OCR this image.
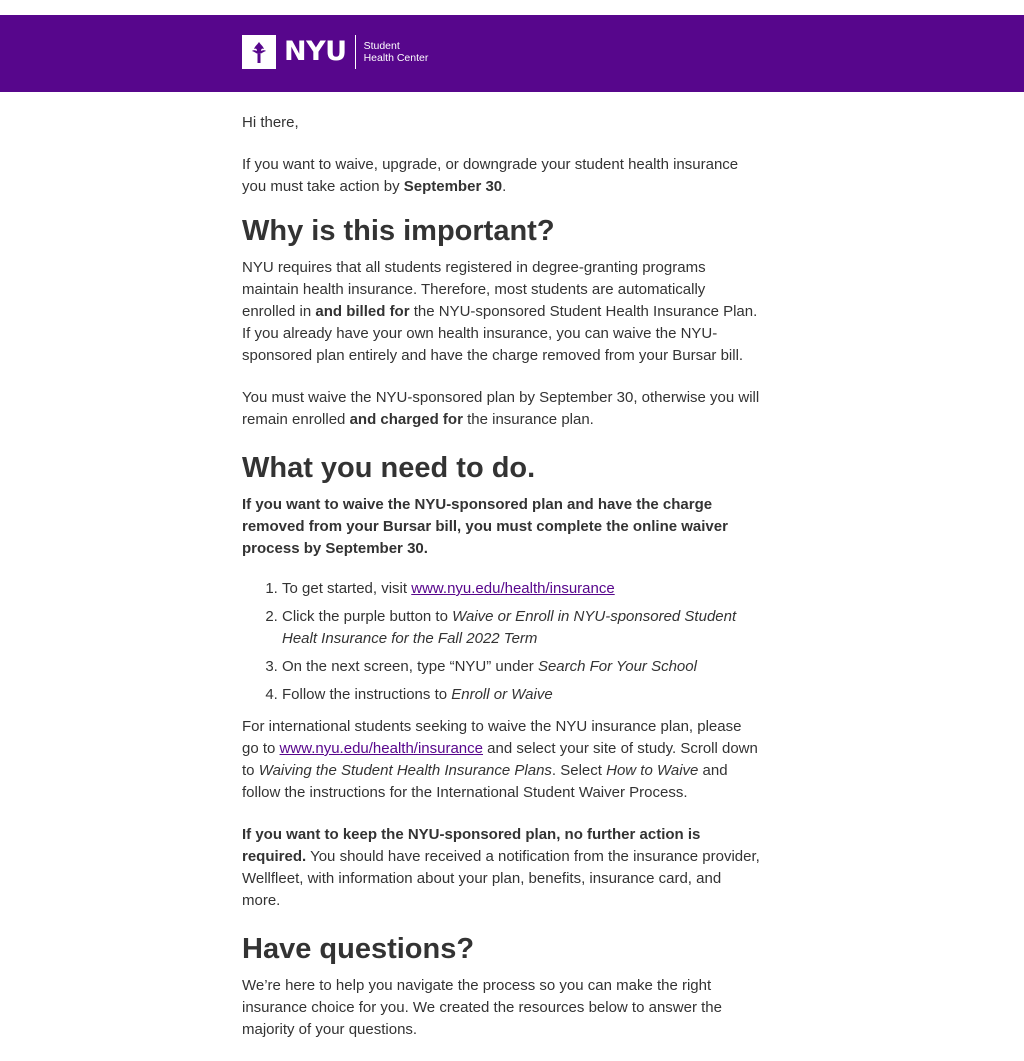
NYU Student
Health Center

Hi there,

If you want to waive, upgrade, or downgrade your student health insurance you must take action by September 30.

Why is this important?

NYU requires that all students registered in degree-granting programs maintain health insurance. Therefore, most students are automatically enrolled in and billed for the NYU-sponsored Student Health Insurance Plan. If you already have your own health insurance, you can waive the NYU-sponsored plan entirely and have the charge removed from your Bursar bill.

You must waive the NYU-sponsored plan by September 30, otherwise you will remain enrolled and charged for the insurance plan.

What you need to do.

If you want to waive the NYU-sponsored plan and have the charge removed from your Bursar bill, you must complete the online waiver process by September 30.

1. To get started, visit www.nyu.edu/health/insurance
2. Click the purple button to Waive or Enroll in NYU-sponsored Student Healt Insurance for the Fall 2022 Term
3. On the next screen, type “NYU” under Search For Your School
4. Follow the instructions to Enroll or Waive

For international students seeking to waive the NYU insurance plan, please go to www.nyu.edu/health/insurance and select your site of study. Scroll down to Waiving the Student Health Insurance Plans. Select How to Waive and follow the instructions for the International Student Waiver Process.

If you want to keep the NYU-sponsored plan, no further action is required. You should have received a notification from the insurance provider, Wellfleet, with information about your plan, benefits, insurance card, and more.

Have questions?

We’re here to help you navigate the process so you can make the right insurance choice for you. We created the resources below to answer the majority of your questions.
